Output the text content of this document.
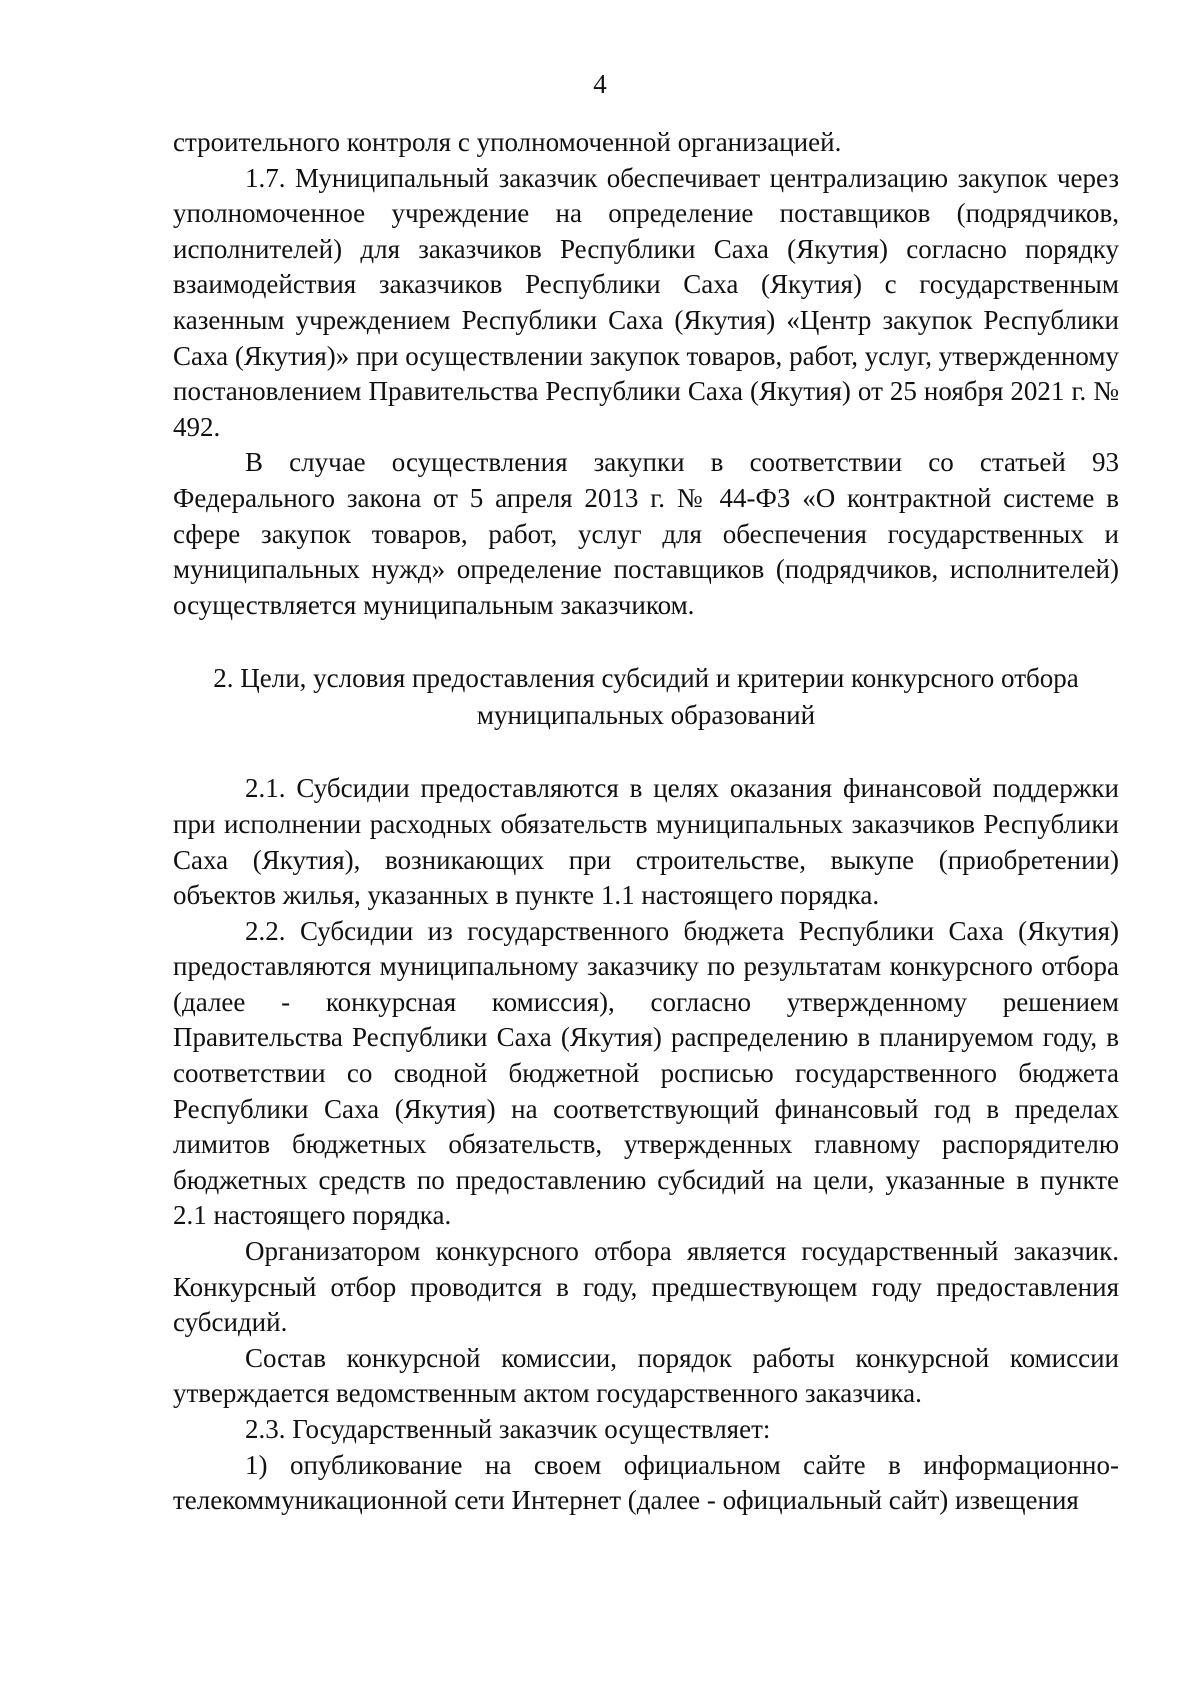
4

строительного контроля с уполномоченной организацией.

1.7. Муниципальный заказчик обеспечивает централизацию закупок через уполномоченное учреждение на определение поставщиков (подрядчиков, исполнителей) для заказчиков Республики Саха (Якутия) согласно порядку взаимодействия заказчиков Республики Саха (Якутия) с государственным казенным учреждением Республики Саха (Якутия) «Центр закупок Республики Саха (Якутия)» при осуществлении закупок товаров, работ, услуг, утвержденному постановлением Правительства Республики Саха (Якутия) от 25 ноября 2021 г. № 492.

В случае осуществления закупки в соответствии со статьей 93 Федерального закона от 5 апреля 2013 г. № 44-ФЗ «О контрактной системе в сфере закупок товаров, работ, услуг для обеспечения государственных и муниципальных нужд» определение поставщиков (подрядчиков, исполнителей) осуществляется муниципальным заказчиком.

2. Цели, условия предоставления субсидий и критерии конкурсного отбора
муниципальных образований

2.1. Субсидии предоставляются в целях оказания финансовой поддержки при исполнении расходных обязательств муниципальных заказчиков Республики Саха (Якутия), возникающих при строительстве, выкупе (приобретении) объектов жилья, указанных в пункте 1.1 настоящего порядка.

2.2. Субсидии из государственного бюджета Республики Саха (Якутия) предоставляются муниципальному заказчику по результатам конкурсного отбора (далее - конкурсная комиссия), согласно утвержденному решением Правительства Республики Саха (Якутия) распределению в планируемом году, в соответствии со сводной бюджетной росписью государственного бюджета Республики Саха (Якутия) на соответствующий финансовый год в пределах лимитов бюджетных обязательств, утвержденных главному распорядителю бюджетных средств по предоставлению субсидий на цели, указанные в пункте 2.1 настоящего порядка.

Организатором конкурсного отбора является государственный заказчик. Конкурсный отбор проводится в году, предшествующем году предоставления субсидий.

Состав конкурсной комиссии, порядок работы конкурсной комиссии утверждается ведомственным актом государственного заказчика.

2.3. Государственный заказчик осуществляет:

1) опубликование на своем официальном сайте в информационно-телекоммуникационной сети Интернет (далее - официальный сайт) извещения
